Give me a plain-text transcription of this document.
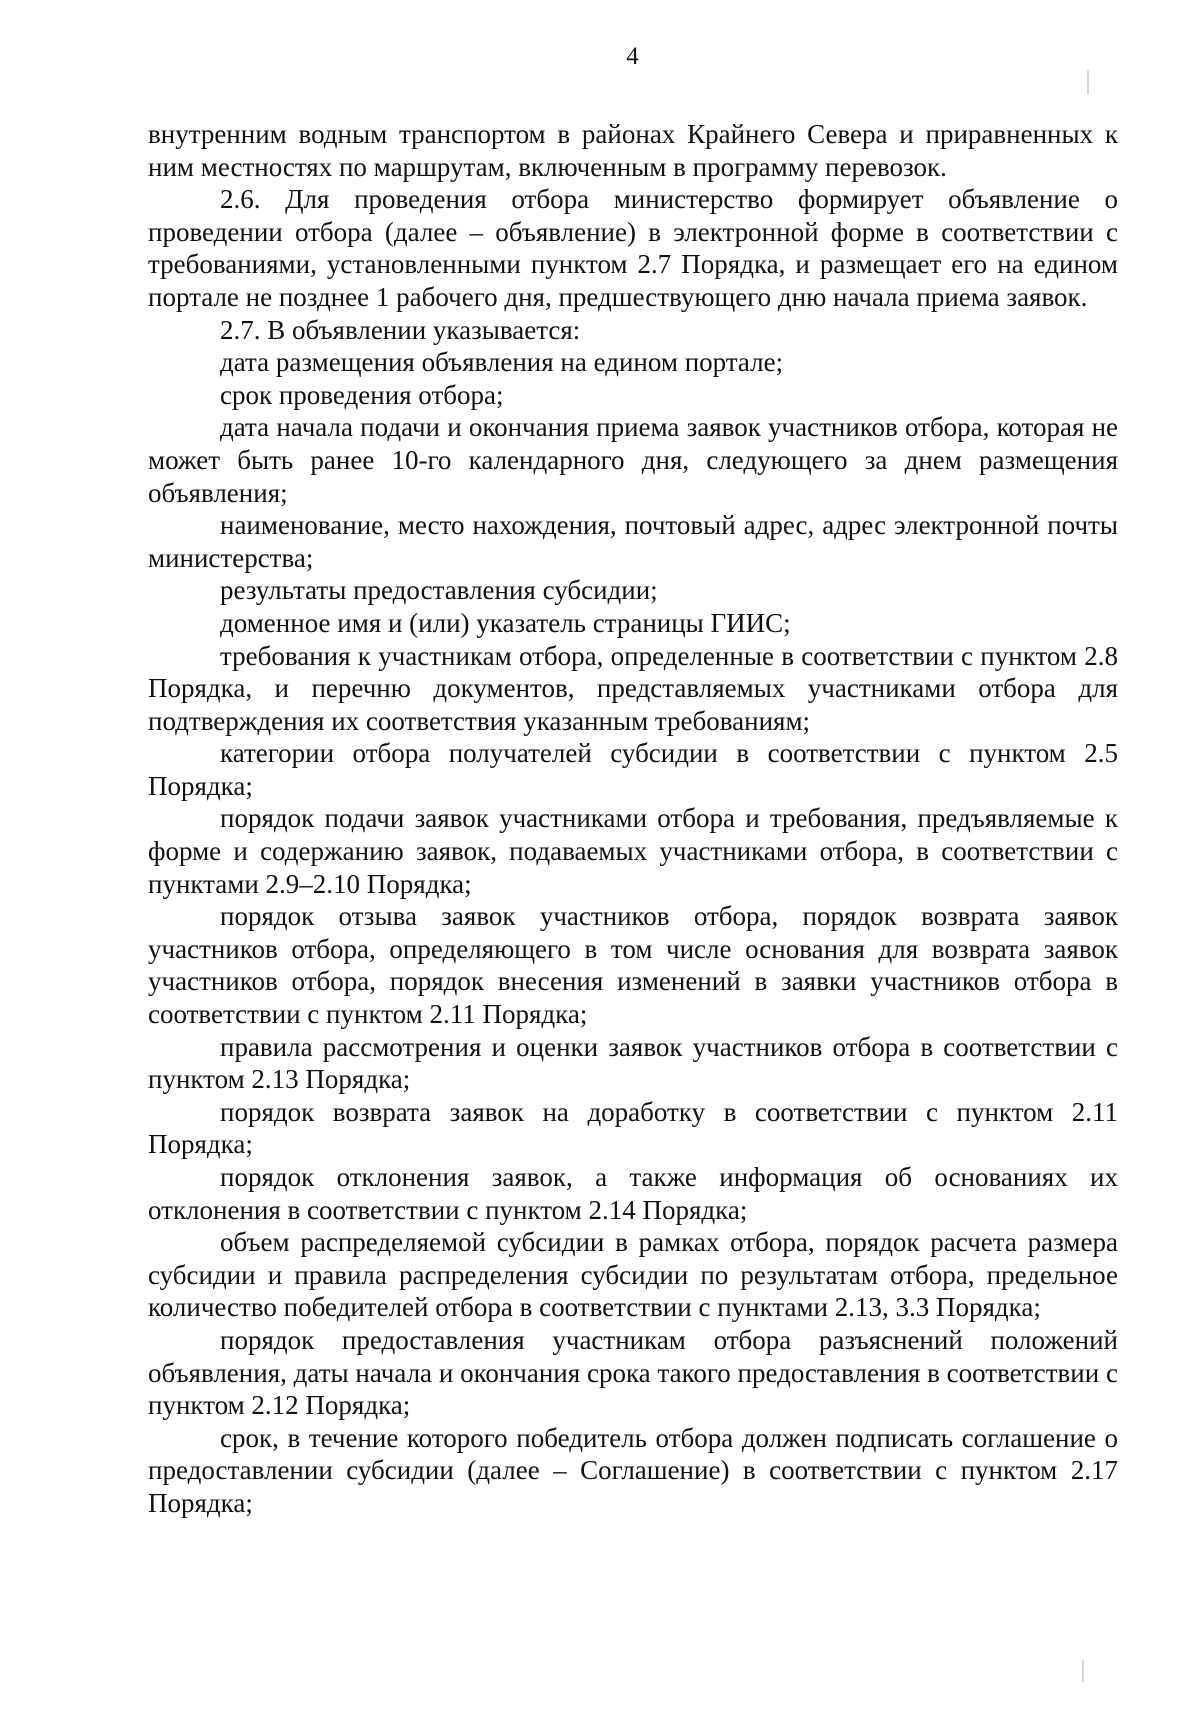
4

внутренним водным транспортом в районах Крайнего Севера и приравненных к ним местностях по маршрутам, включенным в программу перевозок.

2.6. Для проведения отбора министерство формирует объявление о проведении отбора (далее – объявление) в электронной форме в соответствии с требованиями, установленными пунктом 2.7 Порядка, и размещает его на едином портале не позднее 1 рабочего дня, предшествующего дню начала приема заявок.

2.7. В объявлении указывается:

дата размещения объявления на едином портале;

срок проведения отбора;

дата начала подачи и окончания приема заявок участников отбора, которая не может быть ранее 10-го календарного дня, следующего за днем размещения объявления;

наименование, место нахождения, почтовый адрес, адрес электронной почты министерства;

результаты предоставления субсидии;

доменное имя и (или) указатель страницы ГИИС;

требования к участникам отбора, определенные в соответствии с пунктом 2.8 Порядка, и перечню документов, представляемых участниками отбора для подтверждения их соответствия указанным требованиям;

категории отбора получателей субсидии в соответствии с пунктом 2.5 Порядка;

порядок подачи заявок участниками отбора и требования, предъявляемые к форме и содержанию заявок, подаваемых участниками отбора, в соответствии с пунктами 2.9–2.10 Порядка;

порядок отзыва заявок участников отбора, порядок возврата заявок участников отбора, определяющего в том числе основания для возврата заявок участников отбора, порядок внесения изменений в заявки участников отбора в соответствии с пунктом 2.11 Порядка;

правила рассмотрения и оценки заявок участников отбора в соответствии с пунктом 2.13 Порядка;

порядок возврата заявок на доработку в соответствии с пунктом 2.11 Порядка;

порядок отклонения заявок, а также информация об основаниях их отклонения в соответствии с пунктом 2.14 Порядка;

объем распределяемой субсидии в рамках отбора, порядок расчета размера субсидии и правила распределения субсидии по результатам отбора, предельное количество победителей отбора в соответствии с пунктами 2.13, 3.3 Порядка;

порядок предоставления участникам отбора разъяснений положений объявления, даты начала и окончания срока такого предоставления в соответствии с пунктом 2.12 Порядка;

срок, в течение которого победитель отбора должен подписать соглашение о предоставлении субсидии (далее – Соглашение) в соответствии с пунктом 2.17 Порядка;
